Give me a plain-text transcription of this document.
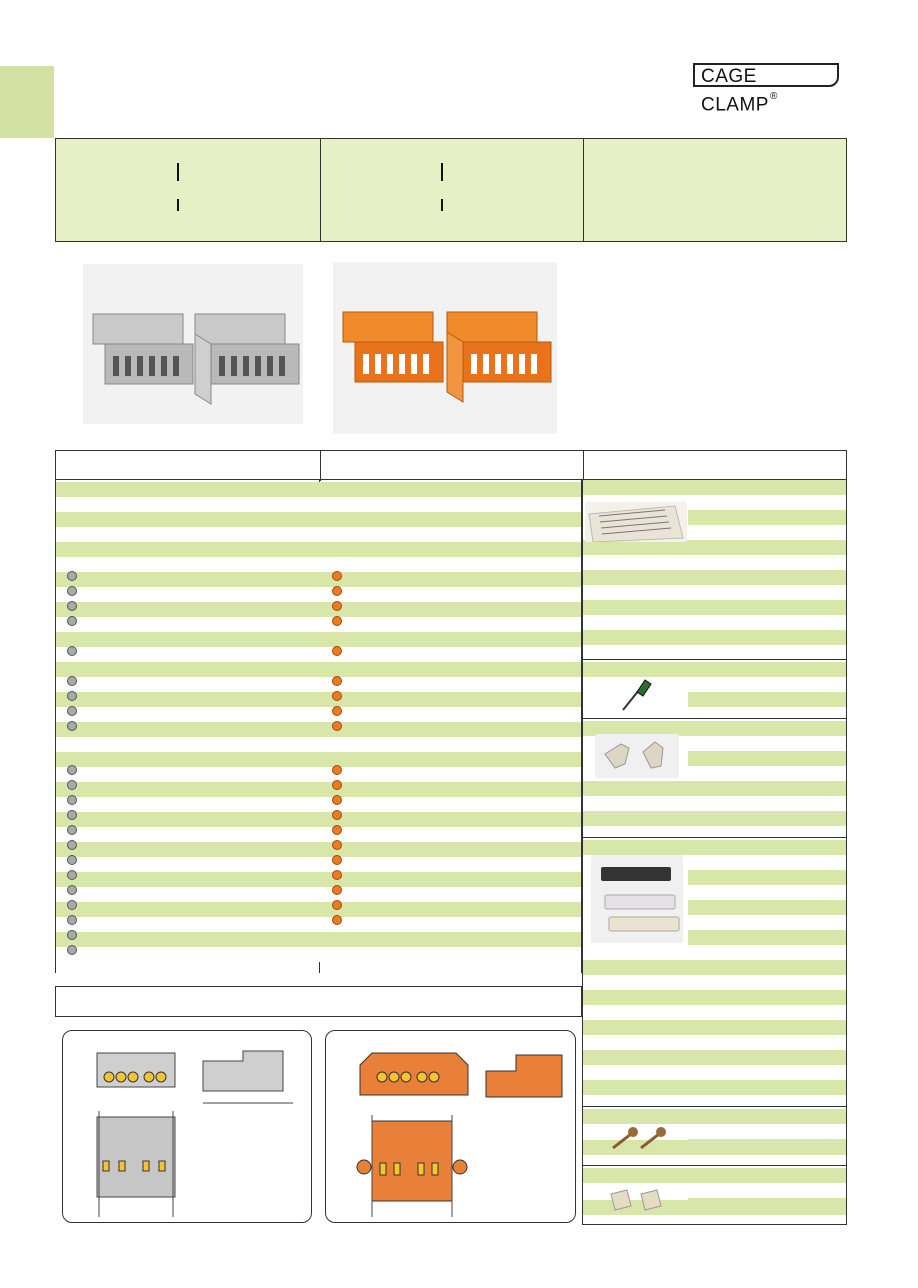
CAGE CLAMP®
